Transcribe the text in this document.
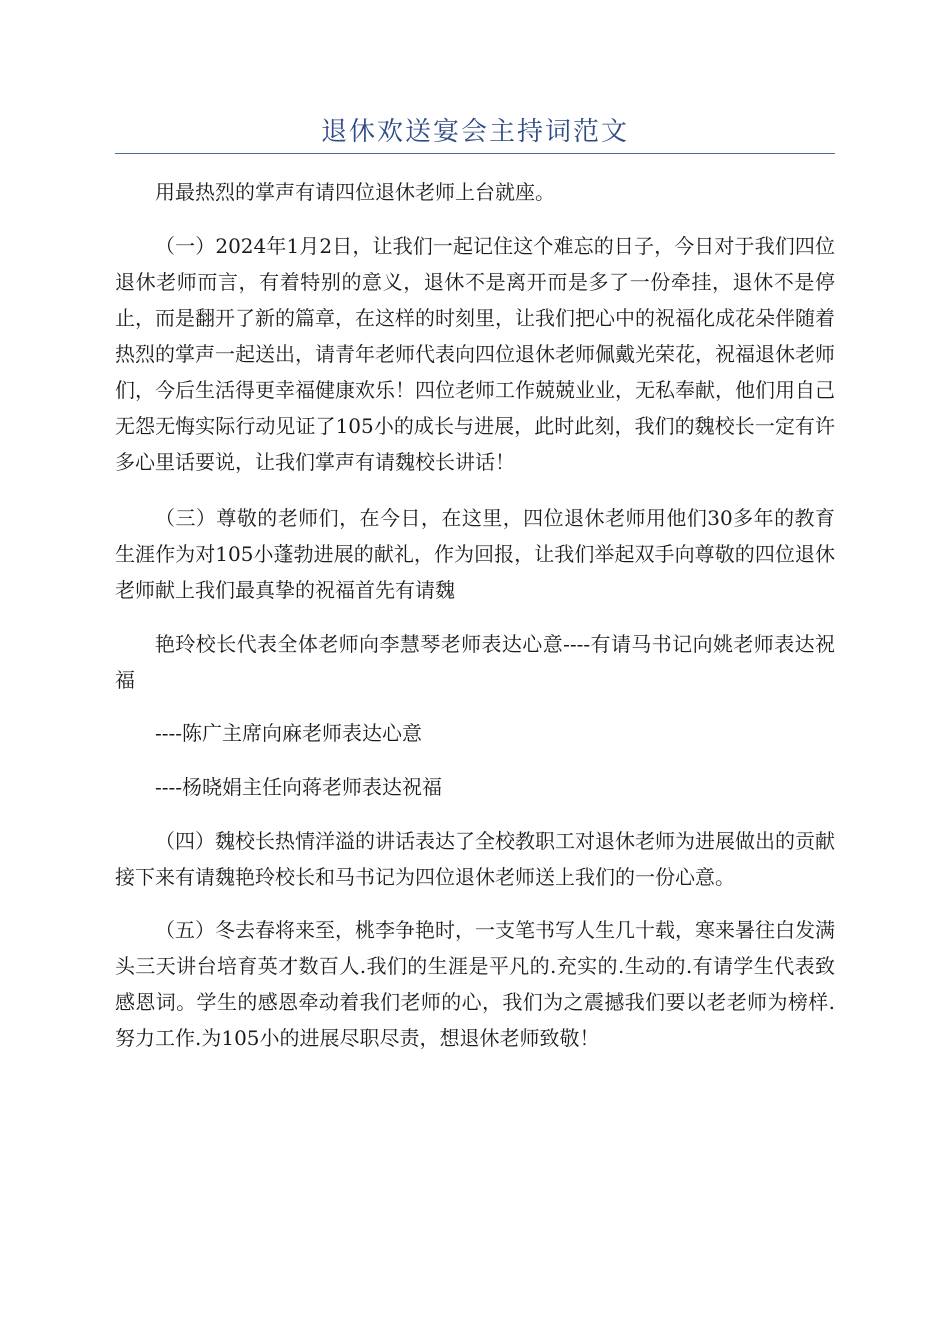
退休欢送宴会主持词范文

用最热烈的掌声有请四位退休老师上台就座。

（一）2024年1月2日，让我们一起记住这个难忘的日子，今日对于我们四位退休老师而言，有着特别的意义，退休不是离开而是多了一份牵挂，退休不是停止，而是翻开了新的篇章，在这样的时刻里，让我们把心中的祝福化成花朵伴随着热烈的掌声一起送出，请青年老师代表向四位退休老师佩戴光荣花，祝福退休老师们，今后生活得更幸福健康欢乐！四位老师工作兢兢业业，无私奉献，他们用自己无怨无悔实际行动见证了105小的成长与进展，此时此刻，我们的魏校长一定有许多心里话要说，让我们掌声有请魏校长讲话！

（三）尊敬的老师们，在今日，在这里，四位退休老师用他们30多年的教育生涯作为对105小蓬勃进展的献礼，作为回报，让我们举起双手向尊敬的四位退休老师献上我们最真挚的祝福首先有请魏

艳玲校长代表全体老师向李慧琴老师表达心意----有请马书记向姚老师表达祝福

----陈广主席向麻老师表达心意

----杨晓娟主任向蒋老师表达祝福

（四）魏校长热情洋溢的讲话表达了全校教职工对退休老师为进展做出的贡献接下来有请魏艳玲校长和马书记为四位退休老师送上我们的一份心意。

（五）冬去春将来至，桃李争艳时，一支笔书写人生几十载，寒来暑往白发满头三天讲台培育英才数百人.我们的生涯是平凡的.充实的.生动的.有请学生代表致感恩词。学生的感恩牵动着我们老师的心，我们为之震撼我们要以老老师为榜样.努力工作.为105小的进展尽职尽责，想退休老师致敬！
